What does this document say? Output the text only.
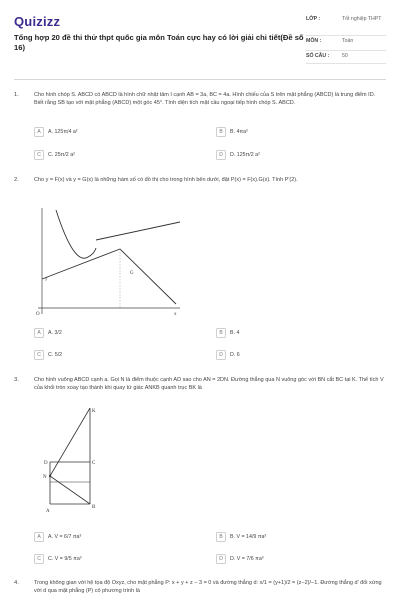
Quizizz
Tổng hợp 20 đề thi thử thpt quốc gia môn Toán cực hay có lời giải chi tiết(Đề số 16)
LỚP :	Tốt nghiệp THPT
MÔN :	Toán
SỐ CÂU : 50
1.	Cho hình chóp S. ABCD có ABCD là hình chữ nhật tâm I cạnh AB = 3a, BC = 4a. Hình chiếu của S trên mặt phẳng (ABCD) là trung điểm ID. Biết rằng SB tạo với mặt phẳng (ABCD) một góc 45°. Tính diện tích mặt cầu ngoại tiếp hình chóp S. ABCD.
A	A. 125π/4 a²	B	B. 4πa²
C	C. 25π/2 a²	D	D. 125π/2 a²
2.	Cho y = F(x) và y = G(x) là những hàm số có đồ thị cho trong hình bên dưới, đặt P(x) = F(x).G(x). Tính P'(2).
G
y
x
O
A	A. 3/2	B	B. 4
C	C. 5/2	D	D. 6
3.	Cho hình vuông ABCD cạnh a. Gọi N là điểm thuộc cạnh AD sao cho AN = 2DN. Đường thẳng qua N vuông góc với BN cắt BC tại K. Thể tích V của khối tròn xoay tạo thành khi quay tứ giác ANKB quanh trục BK là
D
N
C
B
A
K
A	A. V = 6/7 πa³	B	B. V = 14/9 πa³
C	C. V = 9/5 πa³	D	D. V = 7/6 πa³
4.	Trong không gian với hệ tọa độ Oxyz, cho mặt phẳng P: x + y + z − 3 = 0 và đường thẳng d: x/1 = (y+1)/2 = (z−2)/−1. Đường thẳng d' đối xứng với d qua mặt phẳng (P) có phương trình là
